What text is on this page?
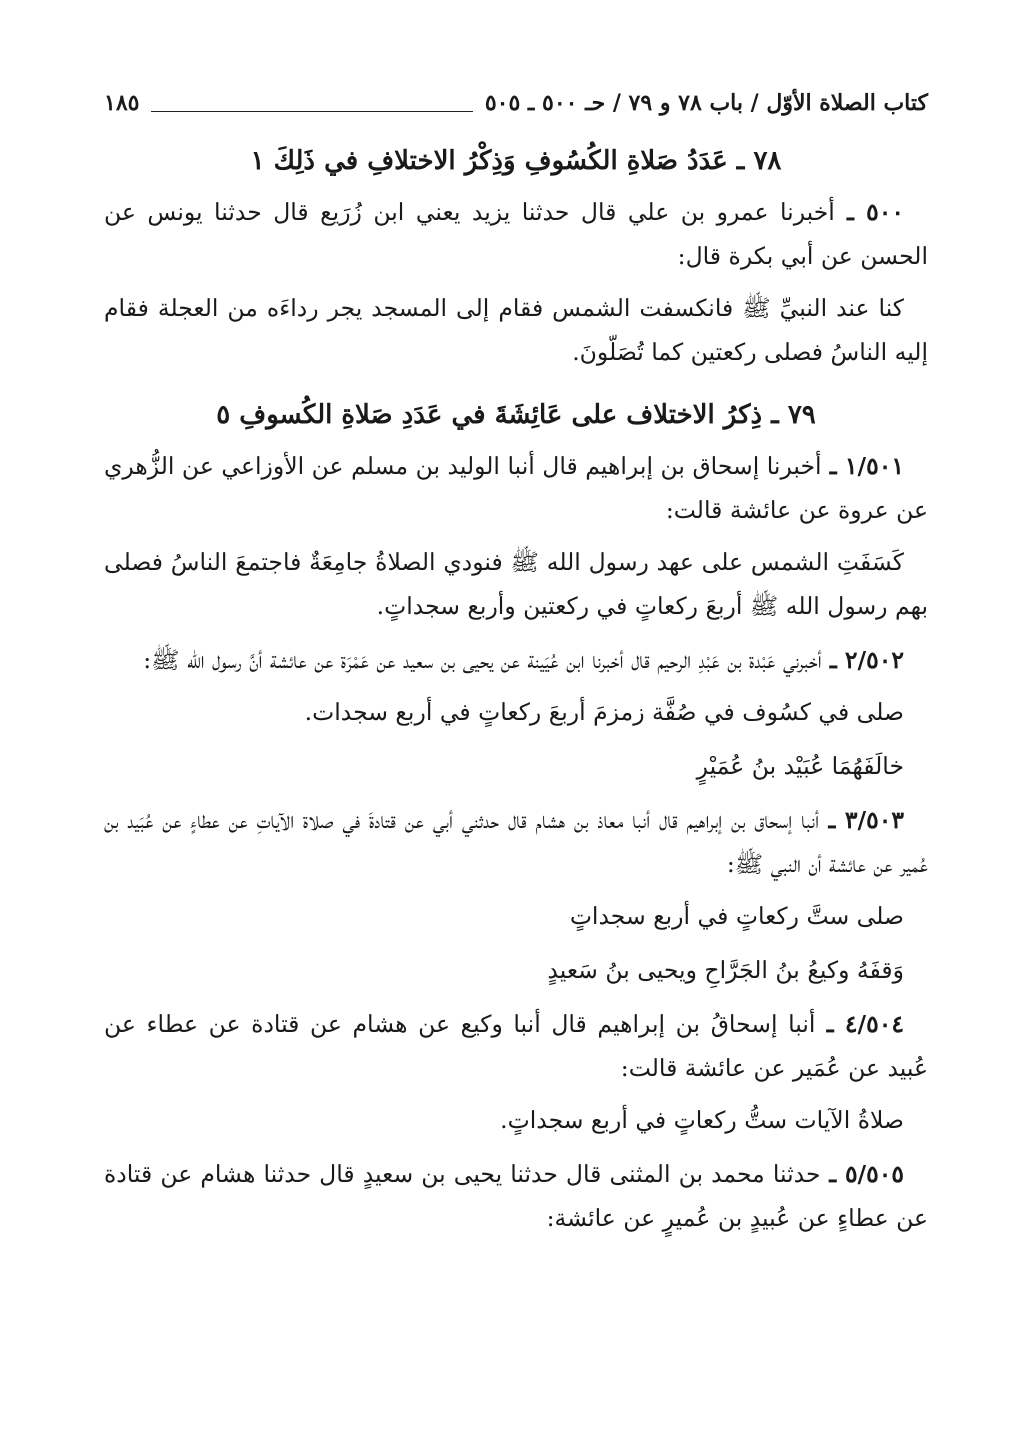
كتاب الصلاة الأوّل / باب ٧٨ و ٧٩ / حـ ٥٠٠ ـ ٥٠٥
١٨٥
٧٨ ـ عَدَدُ صَلاةِ الكُسُوفِ وَذِكْرُ الاختلافِ في ذَلِكَ ١
٥٠٠ ـ أخبرنا عمرو بن علي قال حدثنا يزيد يعني ابن زُرَيع قال حدثنا يونس عن الحسن عن أبي بكرة قال:
كنا عند النبيِّ ﷺ فانكسفت الشمس فقام إلى المسجد يجر رداءَه من العجلة فقام إليه الناسُ فصلى ركعتين كما تُصَلّونَ.
٧٩ ـ ذِكرُ الاختلاف على عَائِشَةَ في عَدَدِ صَلاةِ الكُسوفِ ٥
١/٥٠١ ـ أخبرنا إسحاق بن إبراهيم قال أنبا الوليد بن مسلم عن الأوزاعي عن الزُّهري عن عروة عن عائشة قالت:
كَسَفَتِ الشمس على عهد رسول الله ﷺ فنودي الصلاةُ جامِعَةٌ فاجتمعَ الناسُ فصلى بهم رسول الله ﷺ أربعَ ركعاتٍ في ركعتين وأربع سجداتٍ.
٢/٥٠٢ ـ أخبرني عَبْدة بن عَبْدِ الرحيم قال أخبرنا ابن عُيَينة عن يحيى بن سعيد عن عَمْرَة عن عائشة أنَّ رسول الله ﷺ:
صلى في كسُوف في صُفَّة زمزمَ أربعَ ركعاتٍ في أربع سجدات.
خالَفَهُمَا عُبَيْد بنُ عُمَيْرٍ
٣/٥٠٣ ـ أنبا إسحاق بن إبراهيم قال أنبا معاذ بن هشام قال حدثني أبي عن قتادةَ في صلاة الآياتِ عن عطاءٍ عن عُبَيد بن عُمير عن عائشة أن النبي ﷺ:
صلى ستَّ ركعاتٍ في أربع سجداتٍ
وَقفَهُ وكيعُ بنُ الجَرَّاحِ ويحيى بنُ سَعيدٍ
٤/٥٠٤ ـ أنبا إسحاقُ بن إبراهيم قال أنبا وكيع عن هشام عن قتادة عن عطاء عن عُبيد عن عُمَير عن عائشة قالت:
صلاةُ الآيات ستُّ ركعاتٍ في أربع سجداتٍ.
٥/٥٠٥ ـ حدثنا محمد بن المثنى قال حدثنا يحيى بن سعيدٍ قال حدثنا هشام عن قتادة عن عطاءٍ عن عُبيدٍ بن عُميرٍ عن عائشة:
